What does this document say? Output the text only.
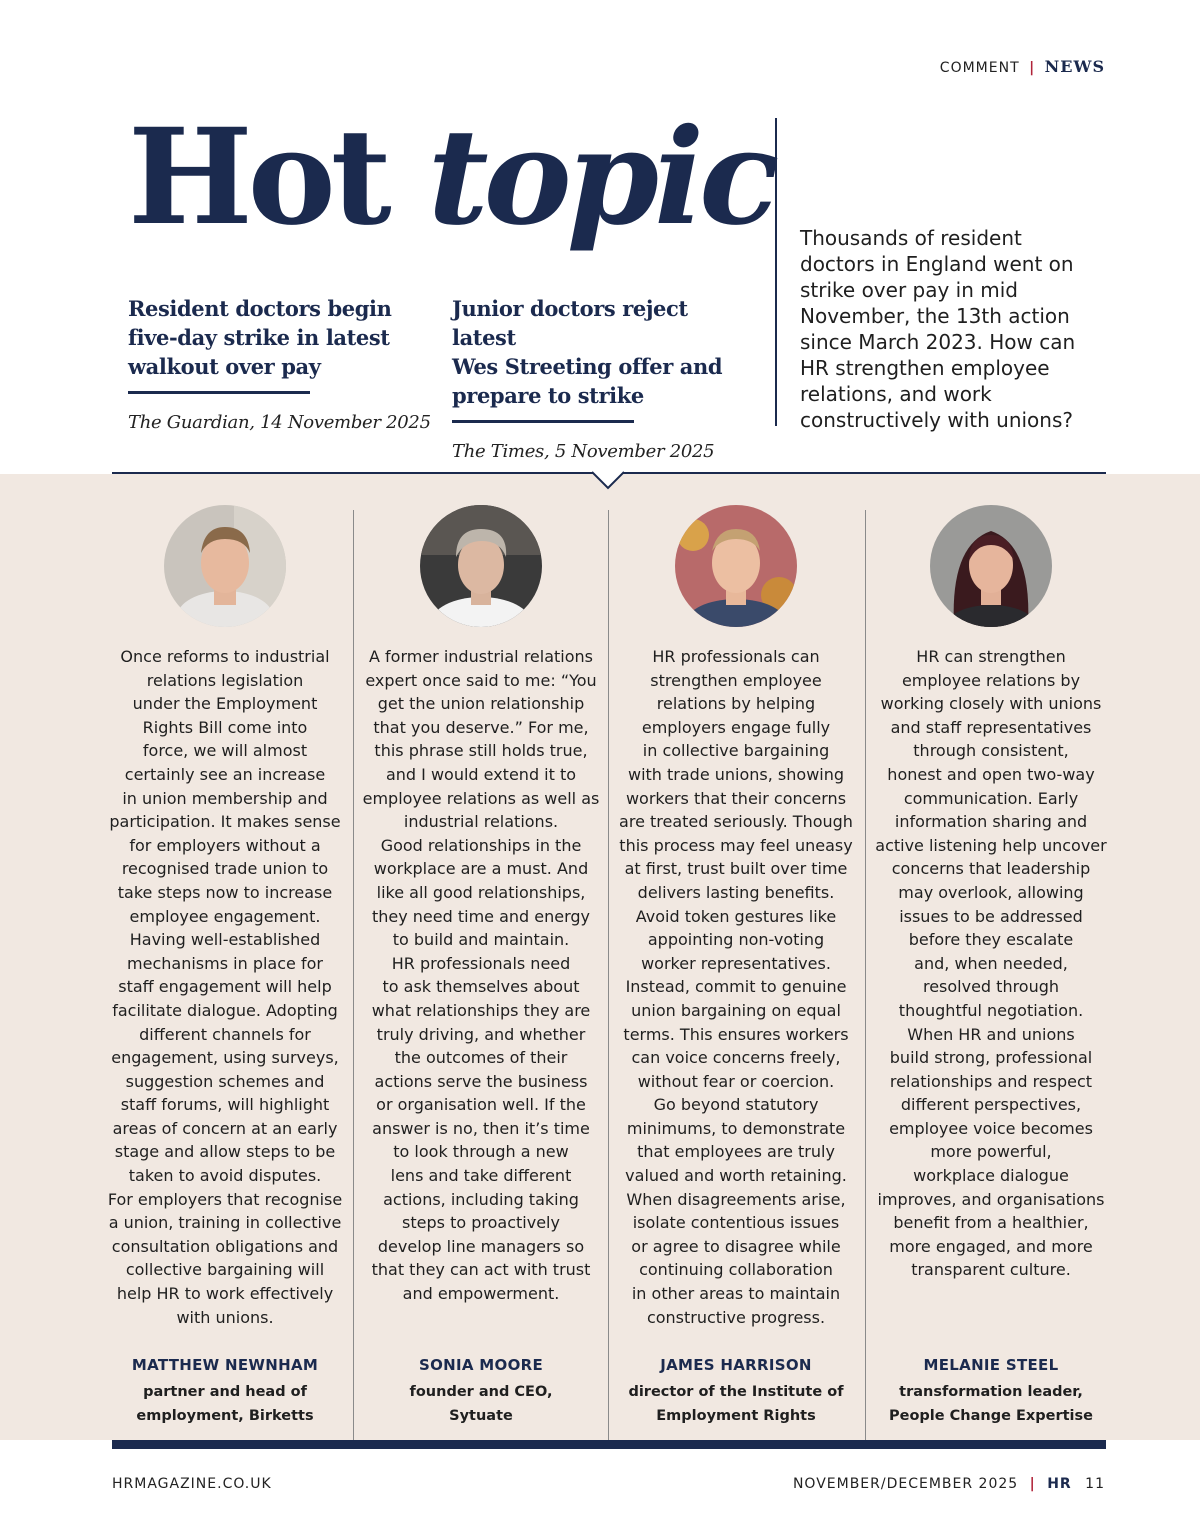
COMMENT | NEWS
Hot topic
Resident doctors begin
five-day strike in latest
walkout over pay
The Guardian, 14 November 2025
Junior doctors reject latest
Wes Streeting offer and
prepare to strike
The Times, 5 November 2025
Thousands of resident doctors in England went on strike over pay in mid November, the 13th action since March 2023. How can HR strengthen employee relations, and work constructively with unions?
Once reforms to industrial
relations legislation
under the Employment
Rights Bill come into
force, we will almost
certainly see an increase
in union membership and
participation. It makes sense
for employers without a
recognised trade union to
take steps now to increase
employee engagement.
Having well-established
mechanisms in place for
staff engagement will help
facilitate dialogue. Adopting
different channels for
engagement, using surveys,
suggestion schemes and
staff forums, will highlight
areas of concern at an early
stage and allow steps to be
taken to avoid disputes.
For employers that recognise
a union, training in collective
consultation obligations and
collective bargaining will
help HR to work effectively
with unions.
MATTHEW NEWNHAM
partner and head of
employment, Birketts
A former industrial relations
expert once said to me: “You
get the union relationship
that you deserve.” For me,
this phrase still holds true,
and I would extend it to
employee relations as well as
industrial relations.
Good relationships in the
workplace are a must. And
like all good relationships,
they need time and energy
to build and maintain.
HR professionals need
to ask themselves about
what relationships they are
truly driving, and whether
the outcomes of their
actions serve the business
or organisation well. If the
answer is no, then it’s time
to look through a new
lens and take different
actions, including taking
steps to proactively
develop line managers so
that they can act with trust
and empowerment.
SONIA MOORE
founder and CEO,
Sytuate
HR professionals can
strengthen employee
relations by helping
employers engage fully
in collective bargaining
with trade unions, showing
workers that their concerns
are treated seriously. Though
this process may feel uneasy
at first, trust built over time
delivers lasting benefits.
Avoid token gestures like
appointing non-voting
worker representatives.
Instead, commit to genuine
union bargaining on equal
terms. This ensures workers
can voice concerns freely,
without fear or coercion.
Go beyond statutory
minimums, to demonstrate
that employees are truly
valued and worth retaining.
When disagreements arise,
isolate contentious issues
or agree to disagree while
continuing collaboration
in other areas to maintain
constructive progress.
JAMES HARRISON
director of the Institute of
Employment Rights
HR can strengthen
employee relations by
working closely with unions
and staff representatives
through consistent,
honest and open two-way
communication. Early
information sharing and
active listening help uncover
concerns that leadership
may overlook, allowing
issues to be addressed
before they escalate
and, when needed,
resolved through
thoughtful negotiation.
When HR and unions
build strong, professional
relationships and respect
different perspectives,
employee voice becomes
more powerful,
workplace dialogue
improves, and organisations
benefit from a healthier,
more engaged, and more
transparent culture.
MELANIE STEEL
transformation leader,
People Change Expertise
HRMAGAZINE.CO.UK	NOVEMBER/DECEMBER 2025 | HR 11
